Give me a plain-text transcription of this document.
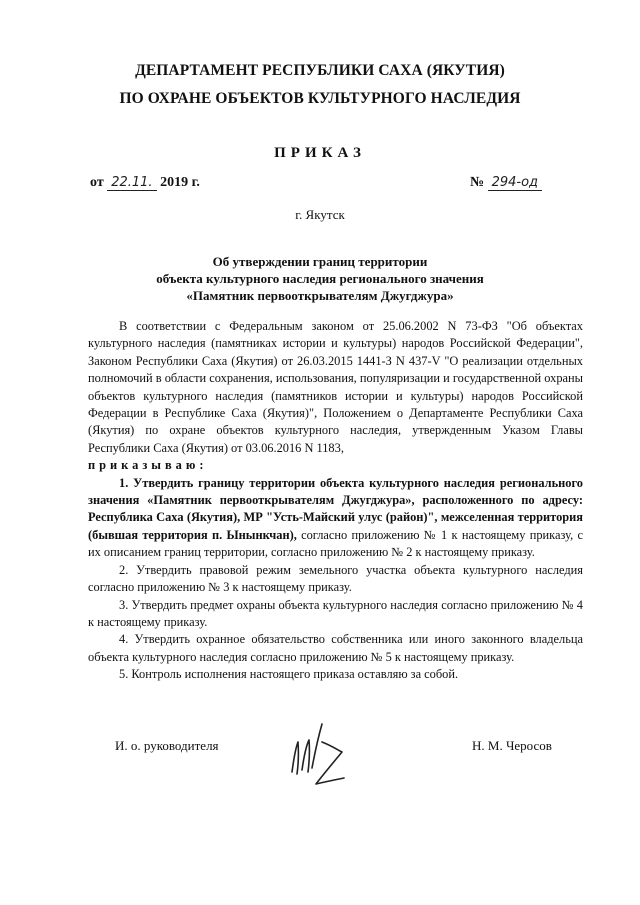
ДЕПАРТАМЕНТ РЕСПУБЛИКИ САХА (ЯКУТИЯ)
ПО ОХРАНЕ ОБЪЕКТОВ КУЛЬТУРНОГО НАСЛЕДИЯ
ПРИКАЗ
от 22.11. 2019 г.	№ 294-од
г. Якутск
Об утверждении границ территории
объекта культурного наследия регионального значения
«Памятник первооткрывателям Джугджура»

В соответствии с Федеральным законом от 25.06.2002 N 73-ФЗ "Об объектах культурного наследия (памятниках истории и культуры) народов Российской Федерации", Законом Республики Саха (Якутия) от 26.03.2015 1441-З N 437-V "О реализации отдельных полномочий в области сохранения, использования, популяризации и государственной охраны объектов культурного наследия (памятников истории и культуры) народов Российской Федерации в Республике Саха (Якутия)", Положением о Департаменте Республики Саха (Якутия) по охране объектов культурного наследия, утвержденным Указом Главы Республики Саха (Якутия) от 03.06.2016 N 1183,

приказываю:

1. Утвердить границу территории объекта культурного наследия регионального значения «Памятник первооткрывателям Джугджура», расположенного по адресу: Республика Саха (Якутия), МР "Усть-Майский улус (район)", межселенная территория (бывшая территория п. Ынынкчан), согласно приложению № 1 к настоящему приказу, с их описанием границ территории, согласно приложению № 2 к настоящему приказу.

2. Утвердить правовой режим земельного участка объекта культурного наследия согласно приложению № 3 к настоящему приказу.

3. Утвердить предмет охраны объекта культурного наследия согласно приложению № 4 к настоящему приказу.

4. Утвердить охранное обязательство собственника или иного законного владельца объекта культурного наследия согласно приложению № 5 к настоящему приказу.

5. Контроль исполнения настоящего приказа оставляю за собой.

И. о. руководителя	Н. М. Черосов
